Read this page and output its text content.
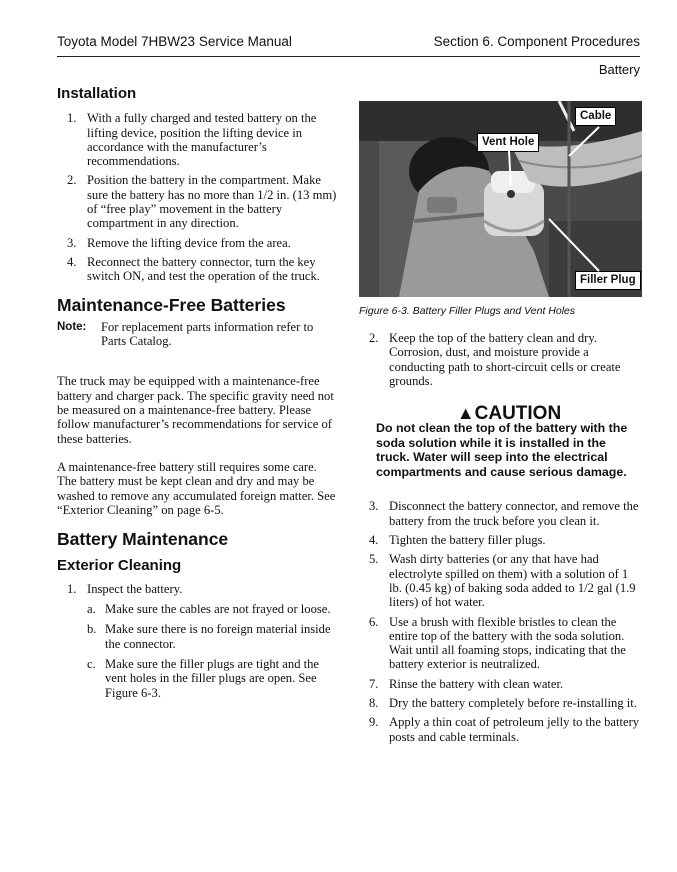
Toyota Model 7HBW23 Service Manual	Section 6. Component Procedures
Battery
Installation
1. With a fully charged and tested battery on the lifting device, position the lifting device in accordance with the manufacturer’s recommendations.
2. Position the battery in the compartment. Make sure the battery has no more than 1/2 in. (13 mm) of “free play” movement in the battery compartment in any direction.
3. Remove the lifting device from the area.
4. Reconnect the battery connector, turn the key switch ON, and test the operation of the truck.
Maintenance-Free Batteries
Note: For replacement parts information refer to Parts Catalog.

The truck may be equipped with a maintenance-free battery and charger pack. The specific gravity need not be measured on a maintenance-free battery. Please follow manufacturer’s recommendations for service of these batteries.

A maintenance-free battery still requires some care. The battery must be kept clean and dry and may be washed to remove any accumulated foreign matter. See “Exterior Cleaning” on page 6-5.

Battery Maintenance
Exterior Cleaning
1. Inspect the battery.
a. Make sure the cables are not frayed or loose.
b. Make sure there is no foreign material inside the connector.
c. Make sure the filler plugs are tight and the vent holes in the filler plugs are open. See Figure 6-3.
Cable
Vent Hole
Filler Plug
Figure 6-3. Battery Filler Plugs and Vent Holes
2. Keep the top of the battery clean and dry. Corrosion, dust, and moisture provide a conducting path to short-circuit cells or create grounds.

▲CAUTION

Do not clean the top of the battery with the soda solution while it is installed in the truck. Water will seep into the electrical compartments and cause serious damage.

3. Disconnect the battery connector, and remove the battery from the truck before you clean it.
4. Tighten the battery filler plugs.
5. Wash dirty batteries (or any that have had electrolyte spilled on them) with a solution of 1 lb. (0.45 kg) of baking soda added to 1/2 gal (1.9 liters) of hot water.
6. Use a brush with flexible bristles to clean the entire top of the battery with the soda solution. Wait until all foaming stops, indicating that the battery exterior is neutralized.
7. Rinse the battery with clean water.
8. Dry the battery completely before re-installing it.
9. Apply a thin coat of petroleum jelly to the battery posts and cable terminals.
